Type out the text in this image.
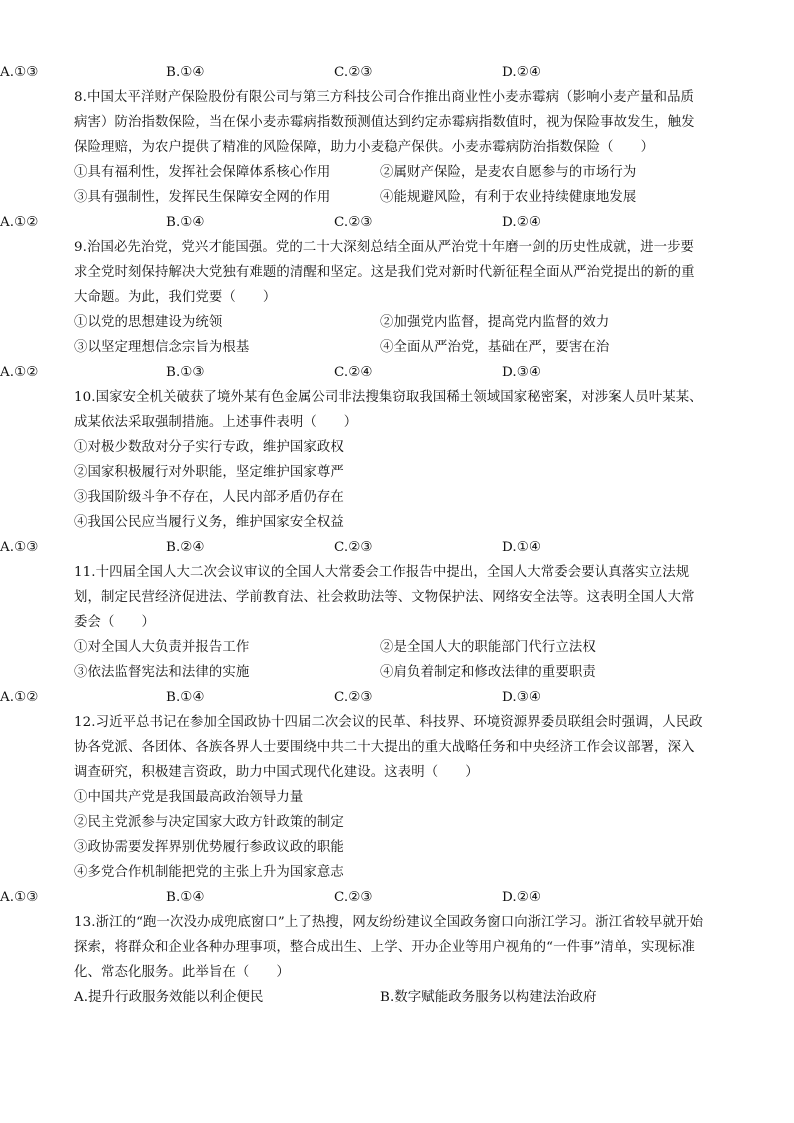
A.①③	B.①④	C.②③	D.②④
8.中国太平洋财产保险股份有限公司与第三方科技公司合作推出商业性小麦赤霉病（影响小麦产量和品质
病害）防治指数保险，当在保小麦赤霉病指数预测值达到约定赤霉病指数值时，视为保险事故发生，触发
保险理赔，为农户提供了精准的风险保障，助力小麦稳产保供。小麦赤霉病防治指数保险（　　）
①具有福利性，发挥社会保障体系核心作用	②属财产保险，是麦农自愿参与的市场行为
③具有强制性，发挥民生保障安全网的作用	④能规避风险，有利于农业持续健康地发展
A.①②	B.①④	C.②③	D.②④
9.治国必先治党，党兴才能国强。党的二十大深刻总结全面从严治党十年磨一剑的历史性成就，进一步要
求全党时刻保持解决大党独有难题的清醒和坚定。这是我们党对新时代新征程全面从严治党提出的新的重
大命题。为此，我们党要（　　）
①以党的思想建设为统领	②加强党内监督，提高党内监督的效力
③以坚定理想信念宗旨为根基	④全面从严治党，基础在严，要害在治
A.①②	B.①③	C.②④	D.③④
10.国家安全机关破获了境外某有色金属公司非法搜集窃取我国稀土领域国家秘密案，对涉案人员叶某某、
成某依法采取强制措施。上述事件表明（　　）
①对极少数敌对分子实行专政，维护国家政权
②国家积极履行对外职能，坚定维护国家尊严
③我国阶级斗争不存在，人民内部矛盾仍存在
④我国公民应当履行义务，维护国家安全权益
A.①③	B.②④	C.②③	D.①④
11.十四届全国人大二次会议审议的全国人大常委会工作报告中提出，全国人大常委会要认真落实立法规
划，制定民营经济促进法、学前教育法、社会救助法等、文物保护法、网络安全法等。这表明全国人大常
委会（　　）
①对全国人大负责并报告工作	②是全国人大的职能部门代行立法权
③依法监督宪法和法律的实施	④肩负着制定和修改法律的重要职责
A.①②	B.①④	C.②③	D.③④
12.习近平总书记在参加全国政协十四届二次会议的民革、科技界、环境资源界委员联组会时强调，人民政
协各党派、各团体、各族各界人士要围绕中共二十大提出的重大战略任务和中央经济工作会议部署，深入
调查研究，积极建言资政，助力中国式现代化建设。这表明（　　）
①中国共产党是我国最高政治领导力量
②民主党派参与决定国家大政方针政策的制定
③政协需要发挥界别优势履行参政议政的职能
④多党合作机制能把党的主张上升为国家意志
A.①③	B.①④	C.②③	D.②④
13.浙江的“跑一次没办成兜底窗口”上了热搜，网友纷纷建议全国政务窗口向浙江学习。浙江省较早就开始
探索，将群众和企业各种办理事项，整合成出生、上学、开办企业等用户视角的“一件事”清单，实现标准
化、常态化服务。此举旨在（　　）
A.提升行政服务效能以利企便民	B.数字赋能政务服务以构建法治政府
